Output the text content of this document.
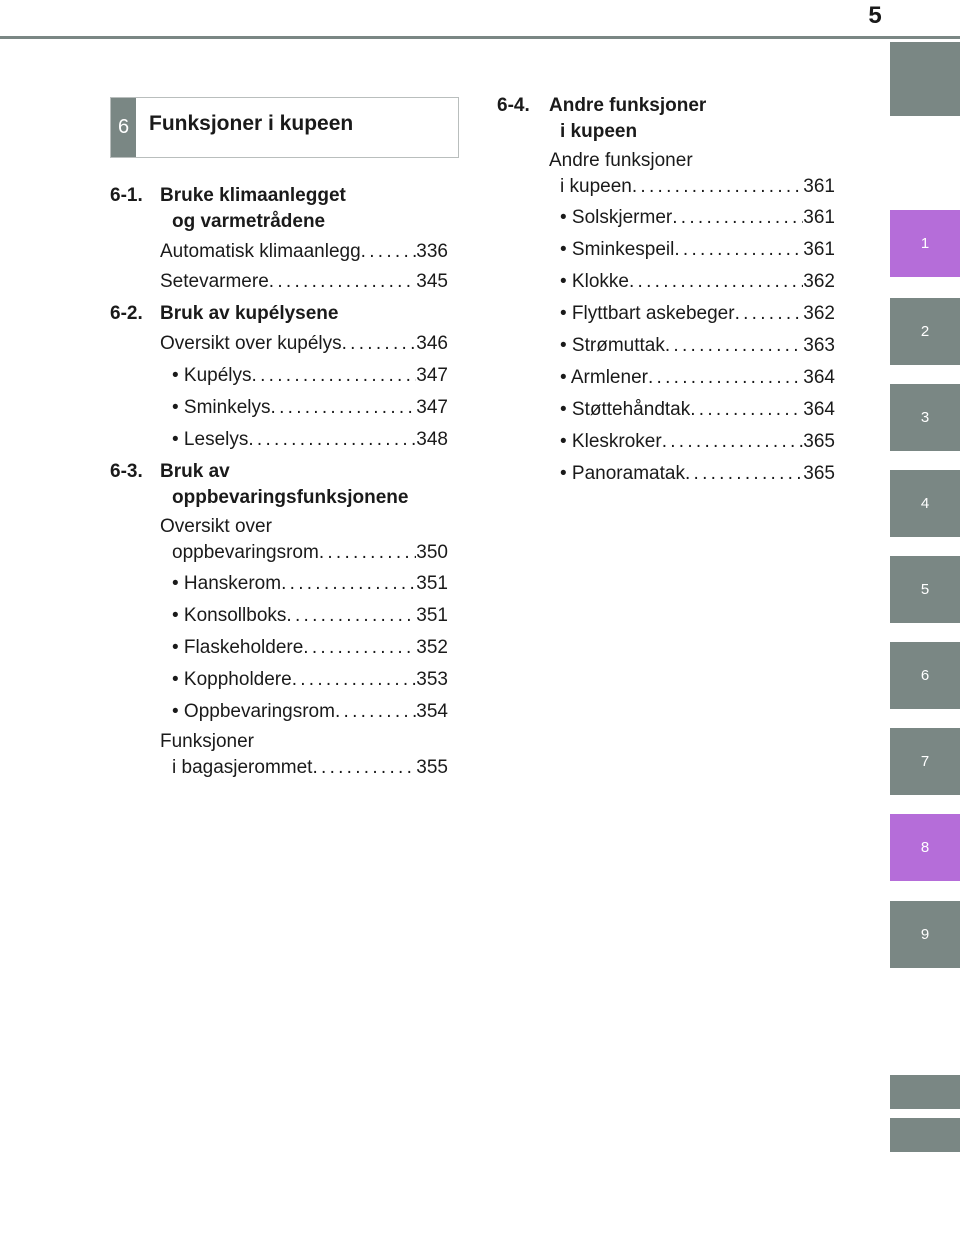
5
1
2
3
4
5
6
7
8
9
6 Funksjoner i kupeen
6-1. Bruke klimaanlegget
og varmetrådene
Automatisk klimaanlegg . . .	336
Setevarmere . . .	345
6-2. Bruk av kupélysene
Oversikt over kupélys . . .	346
• Kupélys . . .	347
• Sminkelys . . .	347
• Leselys . . .	348
6-3. Bruk av
oppbevaringsfunksjonene
Oversikt over
oppbevaringsrom . . .	350
• Hanskerom . . .	351
• Konsollboks . . .	351
• Flaskeholdere . . .	352
• Koppholdere . . .	353
• Oppbevaringsrom . . .	354
Funksjoner
i bagasjerommet . . .	355
6-4. Andre funksjoner
i kupeen
Andre funksjoner
i kupeen . . .	361
• Solskjermer . . .	361
• Sminkespeil . . .	361
• Klokke . . .	362
• Flyttbart askebeger . . .	362
• Strømuttak . . .	363
• Armlener . . .	364
• Støttehåndtak . . .	364
• Kleskroker . . .	365
• Panoramatak . . .	365
